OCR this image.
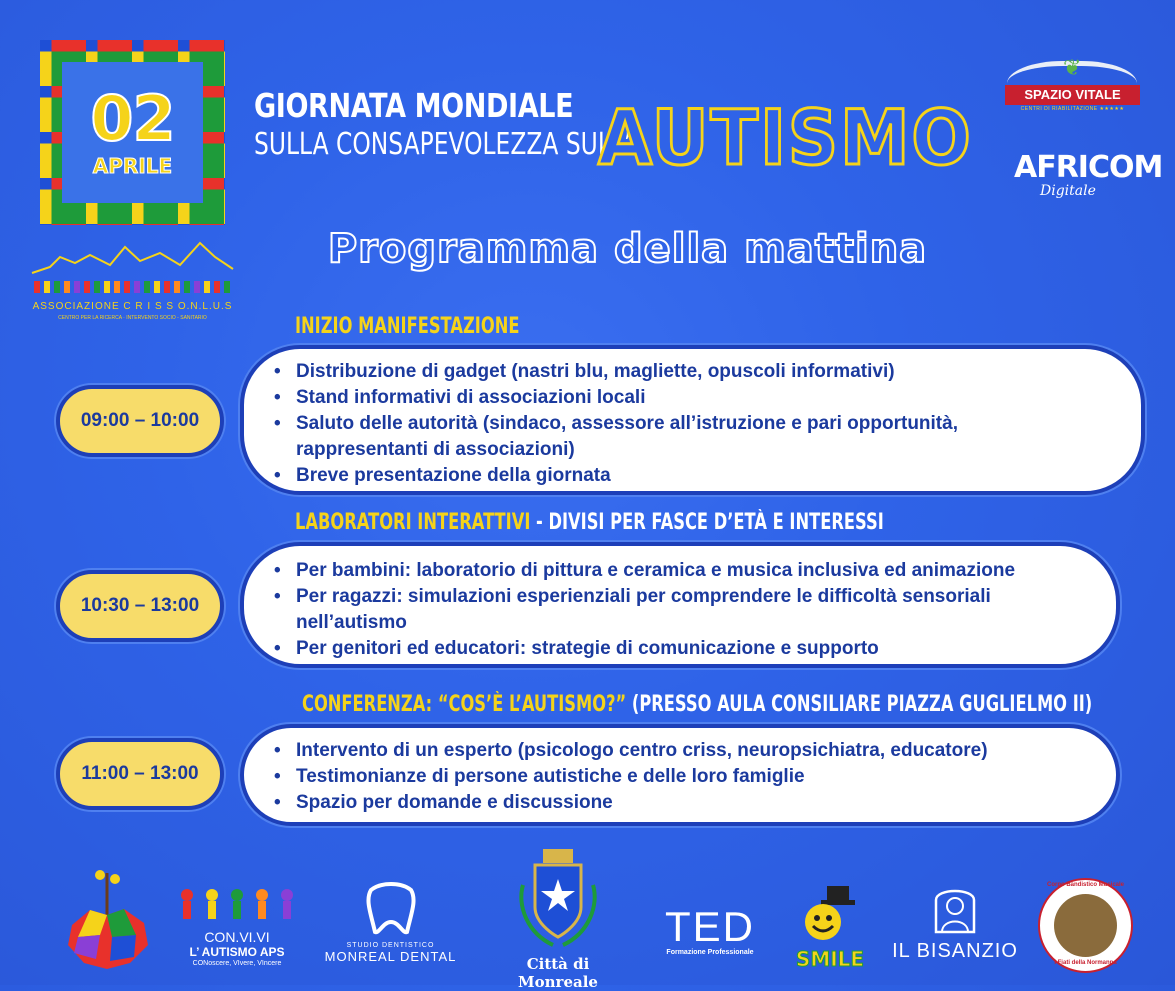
02
APRILE
GIORNATA MONDIALE
SULLA CONSAPEVOLEZZA SULL’
AUTISMO
❦
SPAZIO VITALE
CENTRI DI RIABILITAZIONE ★★★★★
AFRICOM
Digitale
ASSOCIAZIONE C R I S S O.N.L.U.S
CENTRO PER LA RICERCA · INTERVENTO SOCIO - SANITARIO
Programma della mattina
INIZIO MANIFESTAZIONE
• Distribuzione di gadget (nastri blu, magliette, opuscoli informativi)
• Stand informativi di associazioni locali
• Saluto delle autorità (sindaco, assessore all’istruzione e pari opportunità, rappresentanti di associazioni)
• Breve presentazione della giornata
09:00 – 10:00
LABORATORI INTERATTIVI - DIVISI PER FASCE D’ETÀ E INTERESSI
• Per bambini: laboratorio di pittura e ceramica e musica inclusiva ed animazione
• Per ragazzi: simulazioni esperienziali per comprendere le difficoltà sensoriali nell’autismo
• Per genitori ed educatori: strategie di comunicazione e supporto
10:30 – 13:00
CONFERENZA: “COS’È L’AUTISMO?” (PRESSO AULA CONSILIARE PIAZZA GUGLIELMO II)
• Intervento di un esperto (psicologo centro criss, neuropsichiatra, educatore)
• Testimonianze di persone autistiche e delle loro famiglie
• Spazio per domande e discussione
11:00 – 13:00
CON.VI.VI
L’ AUTISMO APS
CONoscere, VIvere, VIncere
STUDIO DENTISTICO
MONREAL DENTAL	Città di Monreale
TED
Formazione Professionale	SMILE	IL BISANZIO
Corpo Bandistico Musicale
I Fiati della Normanna
